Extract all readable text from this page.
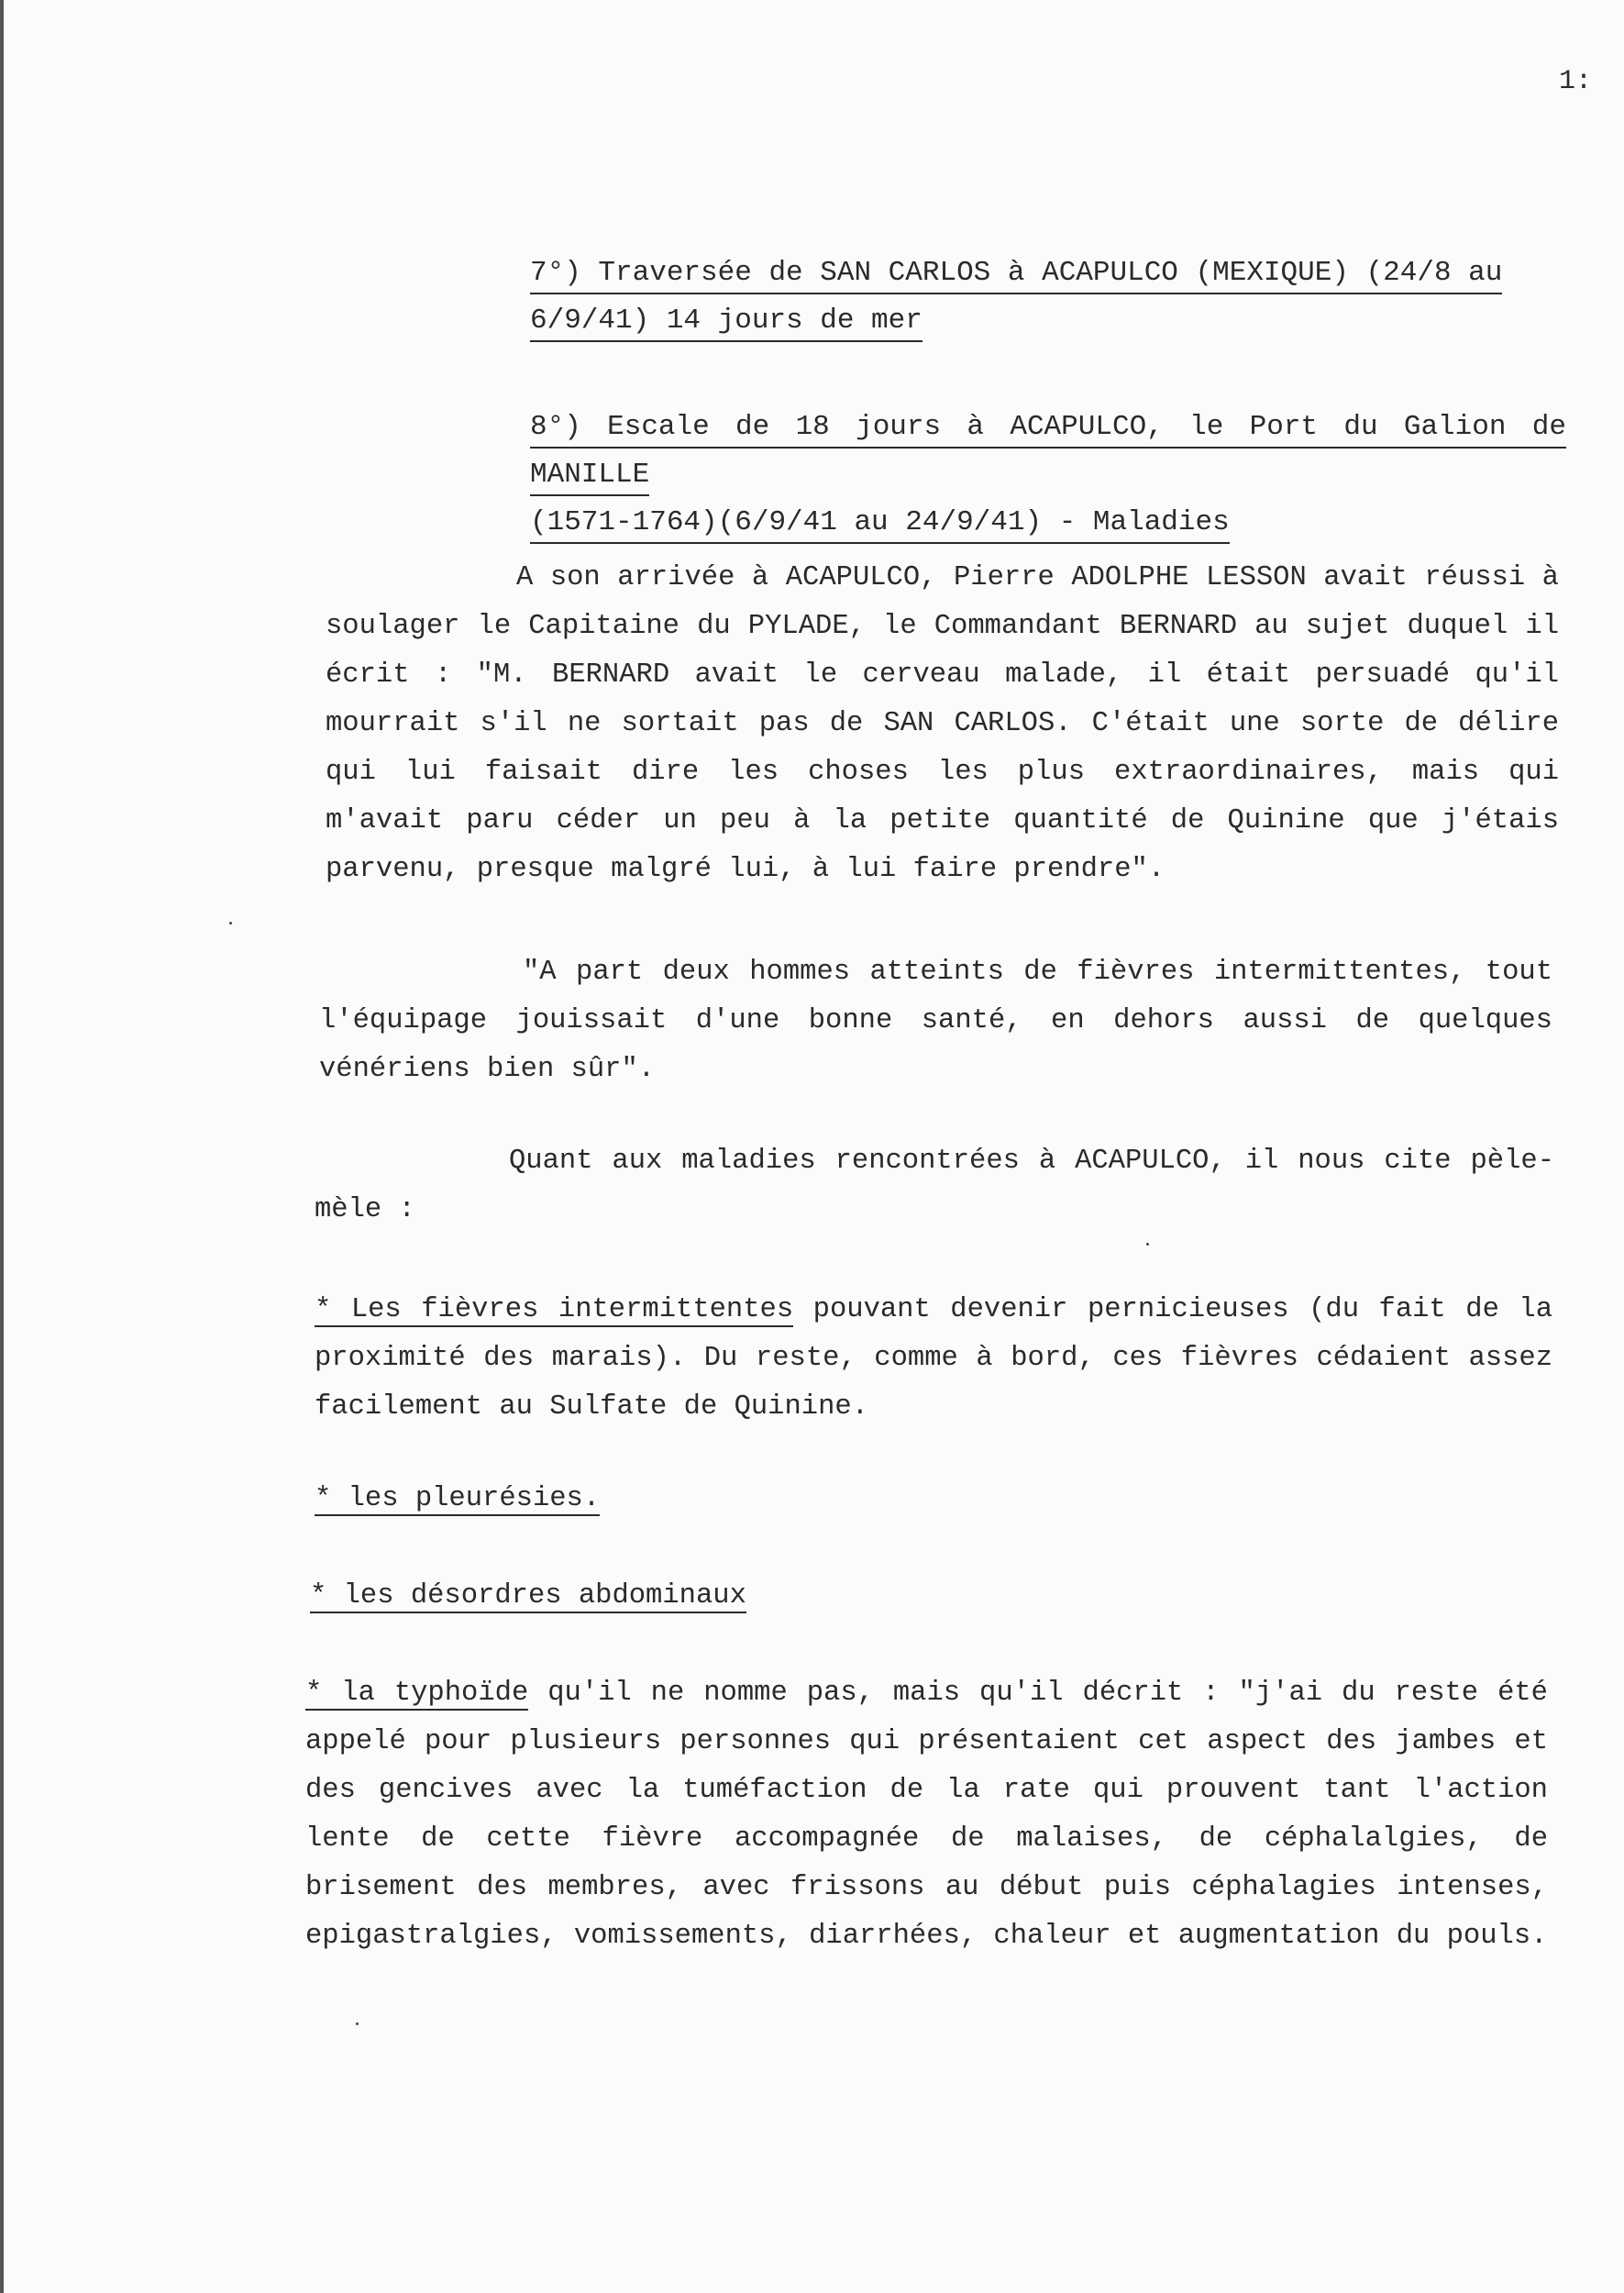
1:
7°) Traversée de SAN CARLOS à ACAPULCO (MEXIQUE) (24/8 au
6/9/41) 14 jours de mer
8°) Escale de 18 jours à ACAPULCO, le Port du Galion de MANILLE
(1571-1764)(6/9/41 au 24/9/41) - Maladies

A son arrivée à ACAPULCO, Pierre ADOLPHE LESSON avait réussi à soulager le Capitaine du PYLADE, le Commandant BERNARD au sujet duquel il écrit : "M. BERNARD avait le cerveau malade, il était persuadé qu'il mourrait s'il ne sortait pas de SAN CARLOS. C'était une sorte de délire qui lui faisait dire les choses les plus extraordinaires, mais qui m'avait paru céder un peu à la petite quantité de Quinine que j'étais parvenu, presque malgré lui, à lui faire prendre".

"A part deux hommes atteints de fièvres intermittentes, tout l'équipage jouissait d'une bonne santé, en dehors aussi de quelques vénériens bien sûr".

Quant aux maladies rencontrées à ACAPULCO, il nous cite pèle-mèle :

* Les fièvres intermittentes pouvant devenir pernicieuses (du fait de la proximité des marais). Du reste, comme à bord, ces fièvres cédaient assez facilement au Sulfate de Quinine.

* les pleurésies.

* les désordres abdominaux

* la typhoïde qu'il ne nomme pas, mais qu'il décrit : "j'ai du reste été appelé pour plusieurs personnes qui présentaient cet aspect des jambes et des gencives avec la tuméfaction de la rate qui prouvent tant l'action lente de cette fièvre accompagnée de malaises, de céphalalgies, de brisement des membres, avec frissons au début puis céphalagies intenses, epigastralgies, vomissements, diarrhées, chaleur et augmentation du pouls.
